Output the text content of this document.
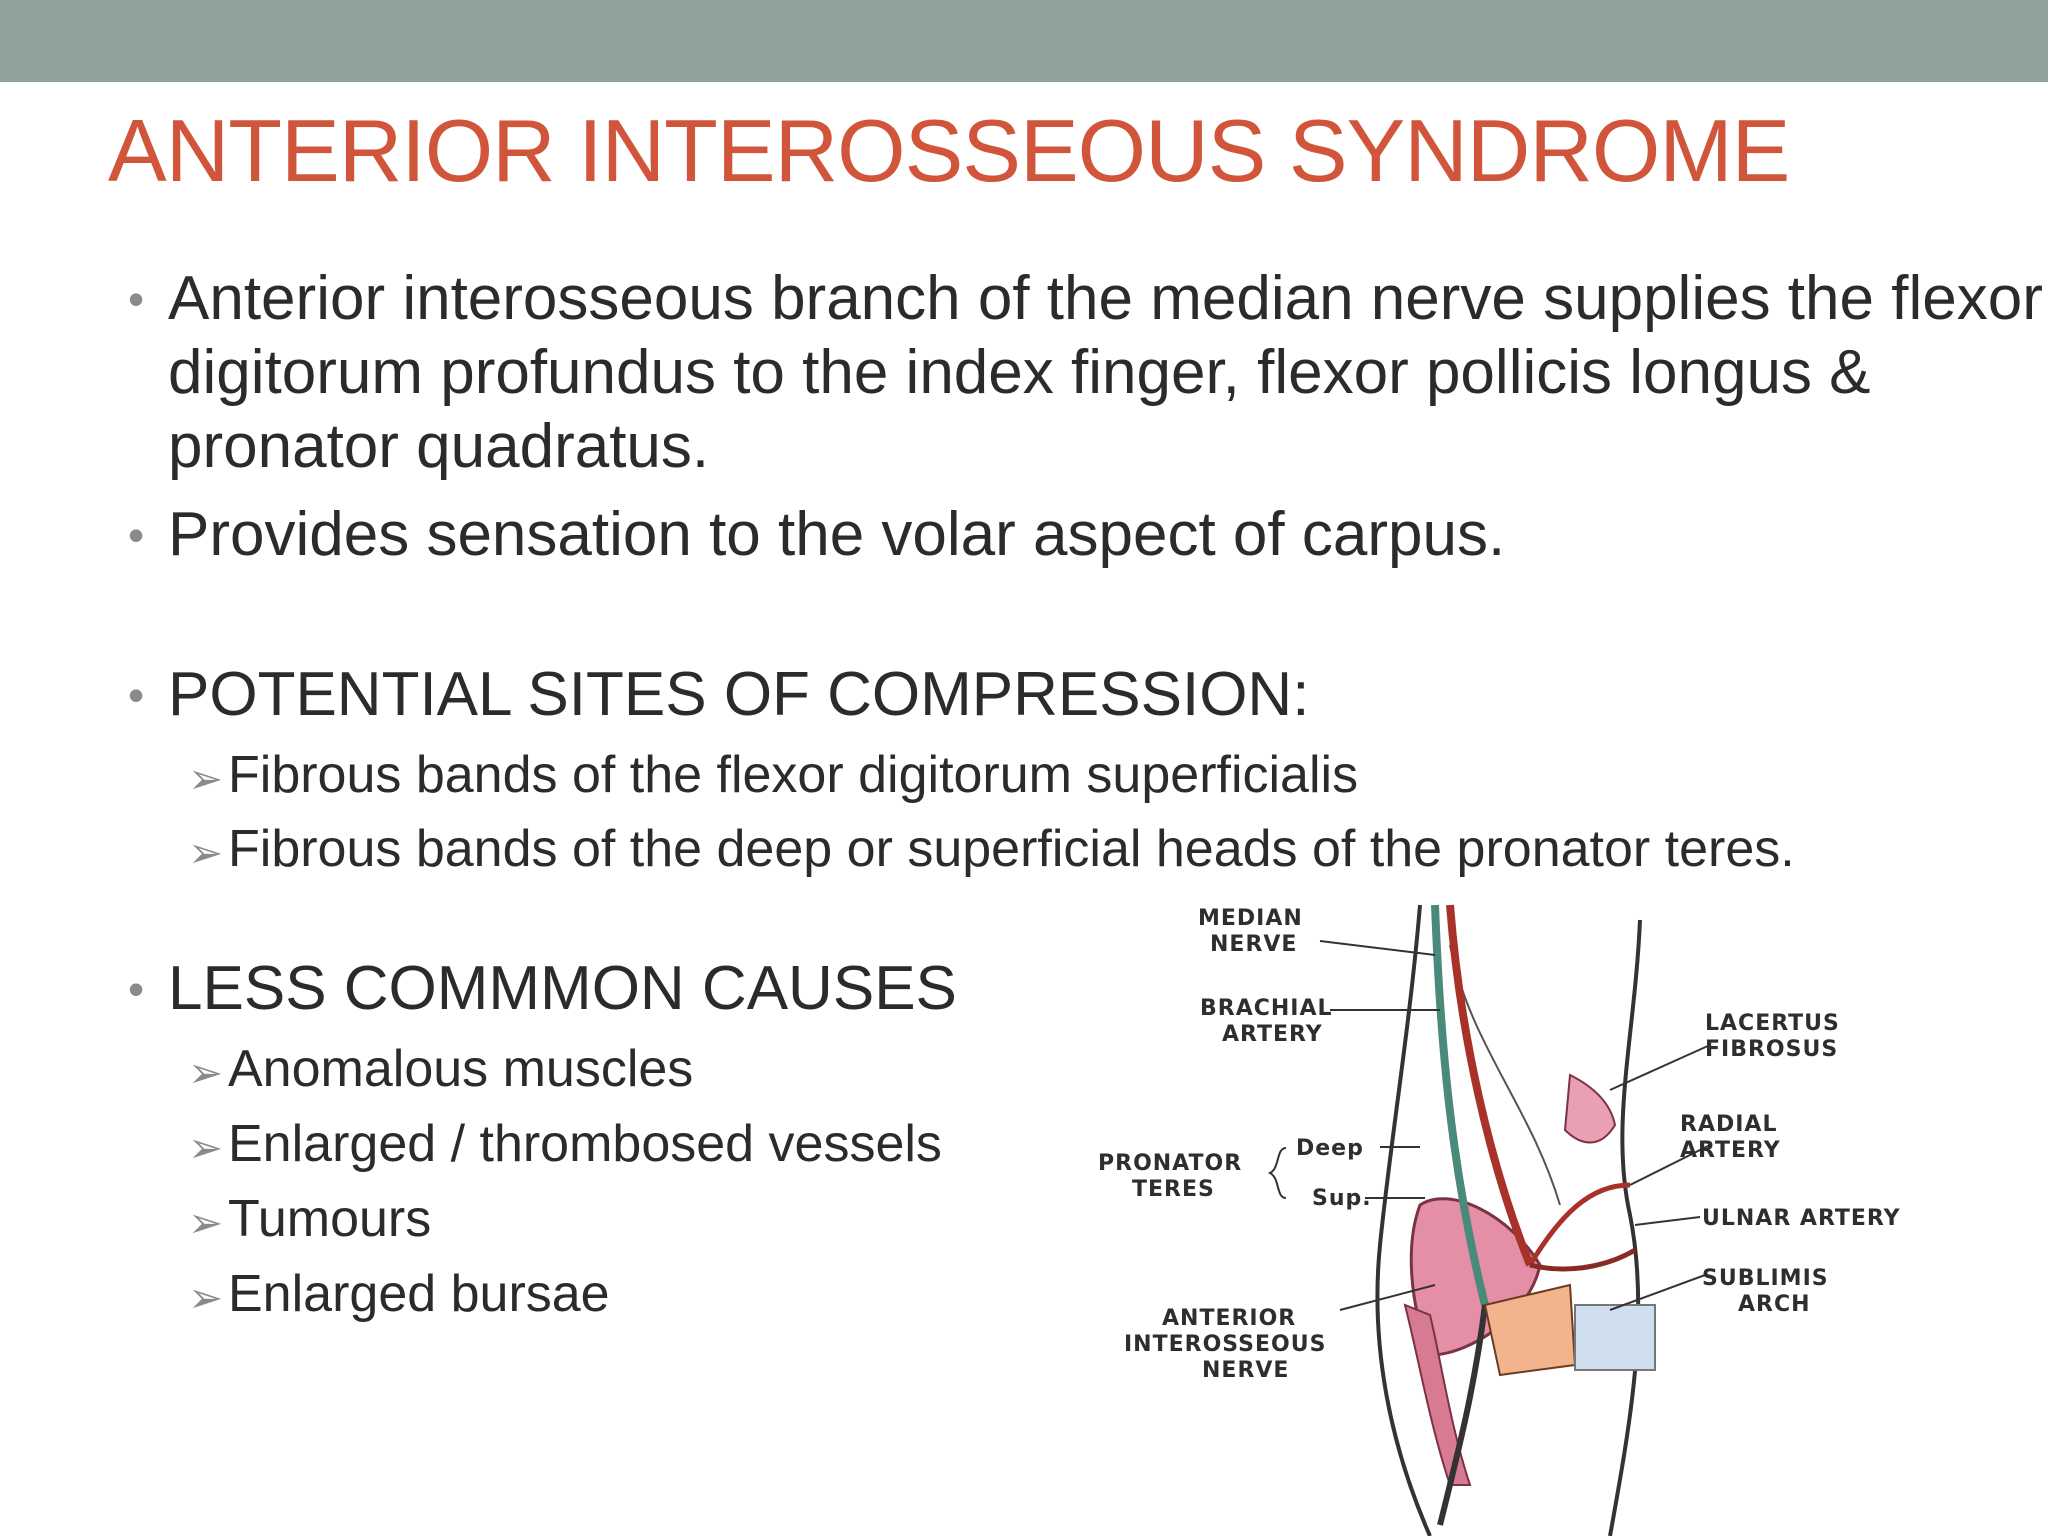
ANTERIOR INTEROSSEOUS SYNDROME
• Anterior interosseous branch of the median nerve supplies the flexor digitorum profundus to the index finger, flexor pollicis longus & pronator quadratus.
• Provides sensation to the volar aspect of carpus.
• POTENTIAL SITES OF COMPRESSION:
➢ Fibrous bands of the flexor digitorum superficialis
➢ Fibrous bands of the deep or superficial heads of the pronator teres.
• LESS COMMMON CAUSES
➢ Anomalous muscles
➢ Enlarged / thrombosed vessels
➢ Tumours
➢ Enlarged bursae
MEDIAN
NERVE
BRACHIAL
ARTERY
PRONATOR
TERES
Deep
Sup.
ANTERIOR
INTEROSSEOUS
NERVE
LACERTUS
FIBROSUS
RADIAL
ARTERY
ULNAR ARTERY
SUBLIMIS
ARCH
